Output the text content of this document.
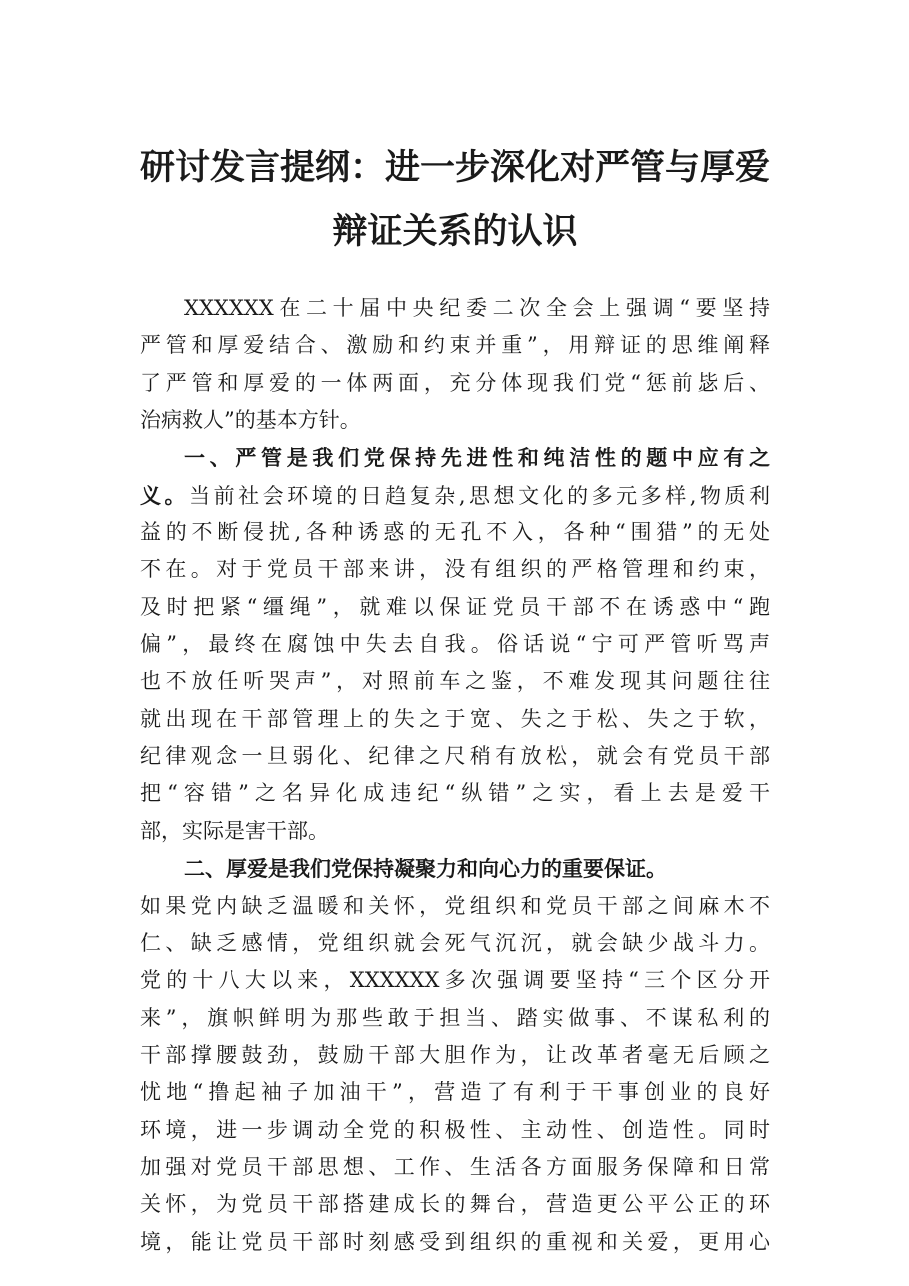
研讨发言提纲：进一步深化对严管与厚爱
辩证关系的认识
XXXXXX在二十届中央纪委二次全会上强调“要坚持
严管和厚爱结合、激励和约束并重”，用辩证的思维阐释
了严管和厚爱的一体两面，充分体现我们党“惩前毖后、
治病救人”的基本方针。
一、严管是我们党保持先进性和纯洁性的题中应有之
义。当前社会环境的日趋复杂,思想文化的多元多样,物质利
益的不断侵扰,各种诱惑的无孔不入，各种“围猎”的无处
不在。对于党员干部来讲，没有组织的严格管理和约束，
及时把紧“缰绳”，就难以保证党员干部不在诱惑中“跑
偏”，最终在腐蚀中失去自我。俗话说“宁可严管听骂声
也不放任听哭声”，对照前车之鉴，不难发现其问题往往
就出现在干部管理上的失之于宽、失之于松、失之于软，
纪律观念一旦弱化、纪律之尺稍有放松，就会有党员干部
把“容错”之名异化成违纪“纵错”之实，看上去是爱干
部，实际是害干部。
二、厚爱是我们党保持凝聚力和向心力的重要保证。
如果党内缺乏温暖和关怀，党组织和党员干部之间麻木不
仁、缺乏感情，党组织就会死气沉沉，就会缺少战斗力。
党的十八大以来，XXXXXX多次强调要坚持“三个区分开
来”，旗帜鲜明为那些敢于担当、踏实做事、不谋私利的
干部撑腰鼓劲，鼓励干部大胆作为，让改革者毫无后顾之
忧地“撸起袖子加油干”，营造了有利于干事创业的良好
环境，进一步调动全党的积极性、主动性、创造性。同时
加强对党员干部思想、工作、生活各方面服务保障和日常
关怀，为党员干部搭建成长的舞台，营造更公平公正的环
境，能让党员干部时刻感受到组织的重视和关爱，更用心
